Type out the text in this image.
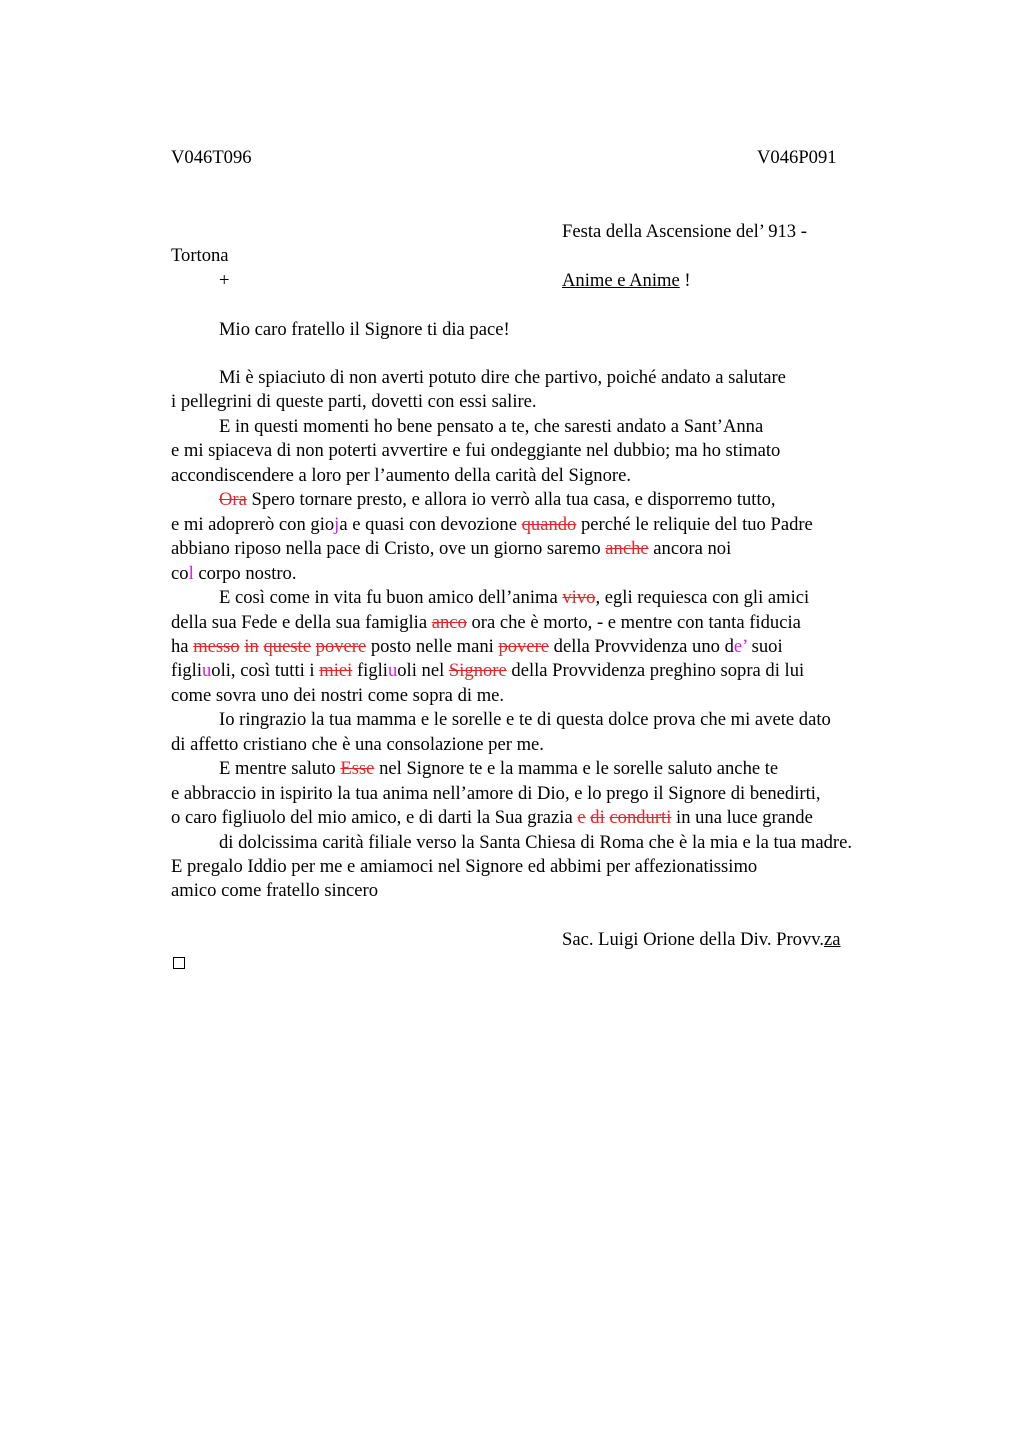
V046T096	V046P091
Festa della Ascensione del’ 913 -
Tortona
+	Anime e Anime !
Mio caro fratello il Signore ti dia pace!
Mi è spiaciuto di non averti potuto dire che partivo, poiché andato a salutare
i pellegrini di queste parti, dovetti con essi salire.
E in questi momenti ho bene pensato a te, che saresti andato a Sant’Anna
e mi spiaceva di non poterti avvertire e fui ondeggiante nel dubbio; ma ho stimato
accondiscendere a loro per l’aumento della carità del Signore.
Ora Spero tornare presto, e allora io verrò alla tua casa, e disporremo tutto,
e mi adoprerò con gioja e quasi con devozione quando perché le reliquie del tuo Padre
abbiano riposo nella pace di Cristo, ove un giorno saremo anche ancora noi
col corpo nostro.
E così come in vita fu buon amico dell’anima vivo, egli requiesca con gli amici
della sua Fede e della sua famiglia anco ora che è morto, - e mentre con tanta fiducia
ha messo in queste povere posto nelle mani povere della Provvidenza uno de’ suoi
figliuoli, così tutti i miei figliuoli nel Signore della Provvidenza preghino sopra di lui
come sovra uno dei nostri come sopra di me.
Io ringrazio la tua mamma e le sorelle e te di questa dolce prova che mi avete dato
di affetto cristiano che è una consolazione per me.
E mentre saluto Esse nel Signore te e la mamma e le sorelle saluto anche te
e abbraccio in ispirito la tua anima nell’amore di Dio, e lo prego il Signore di benedirti,
o caro figliuolo del mio amico, e di darti la Sua grazia e di condurti in una luce grande
di dolcissima carità filiale verso la Santa Chiesa di Roma che è la mia e la tua madre.
E pregalo Iddio per me e amiamoci nel Signore ed abbimi per affezionatissimo
amico come fratello sincero
Sac. Luigi Orione della Div. Provv.za
